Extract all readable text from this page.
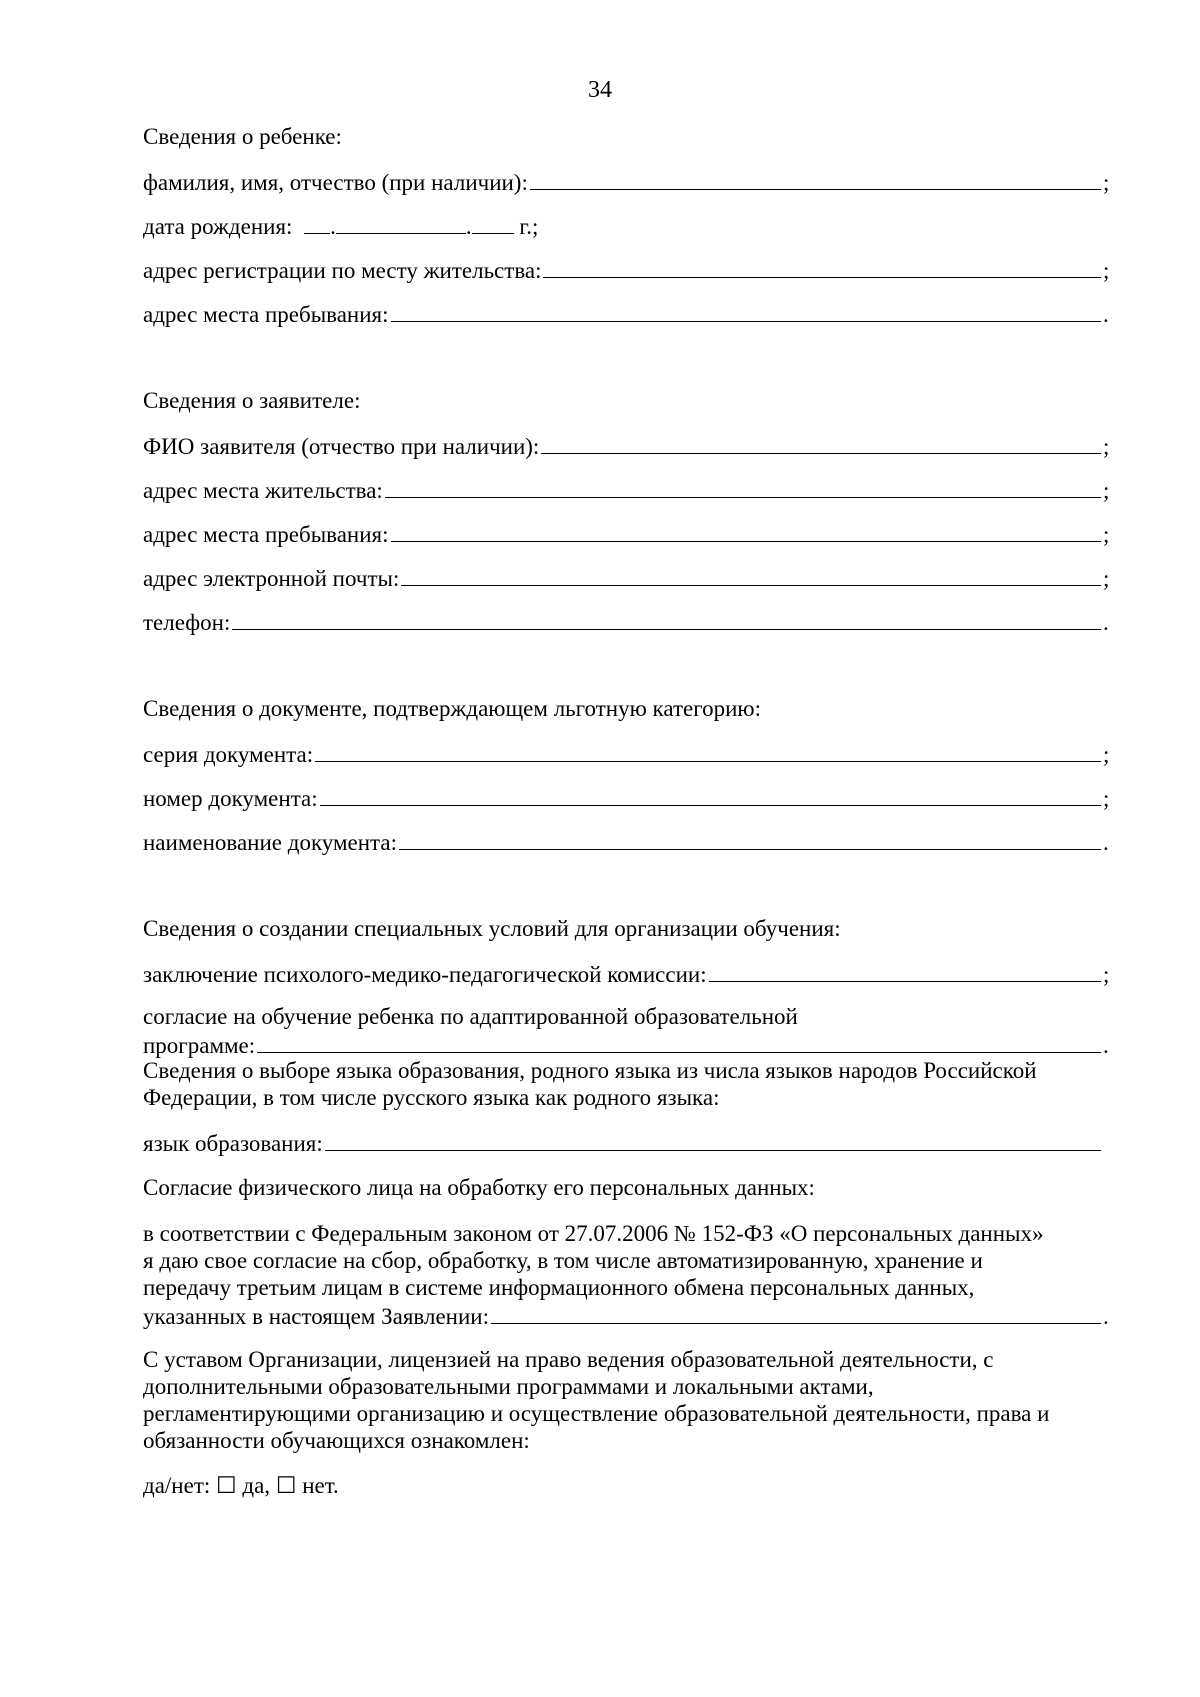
34
Сведения о ребенке:
фамилия, имя, отчество (при наличии):	;
дата рождения: .	. г.;
адрес регистрации по месту жительства:	;
адрес места пребывания:	.
Сведения о заявителе:
ФИО заявителя (отчество при наличии):	;
адрес места жительства:	;
адрес места пребывания:	;
адрес электронной почты:	;
телефон:	.
Сведения о документе, подтверждающем льготную категорию:
серия документа:	;
номер документа:	;
наименование документа:	.
Сведения о создании специальных условий для организации обучения:
заключение психолого-медико-педагогической комиссии:	;
согласие на обучение ребенка по адаптированной образовательной
программе:	.
Сведения о выборе языка образования, родного языка из числа языков народов Российской
Федерации, в том числе русского языка как родного языка:
язык образования:
Согласие физического лица на обработку его персональных данных:
в соответствии с Федеральным законом от 27.07.2006 № 152-ФЗ «О персональных данных»
я даю свое согласие на сбор, обработку, в том числе автоматизированную, хранение и
передачу третьим лицам в системе информационного обмена персональных данных,
указанных в настоящем Заявлении:	.
С уставом Организации, лицензией на право ведения образовательной деятельности, с
дополнительными образовательными программами и локальными актами,
регламентирующими организацию и осуществление образовательной деятельности, права и
обязанности обучающихся ознакомлен:
да/нет: ☐ да, ☐ нет.
